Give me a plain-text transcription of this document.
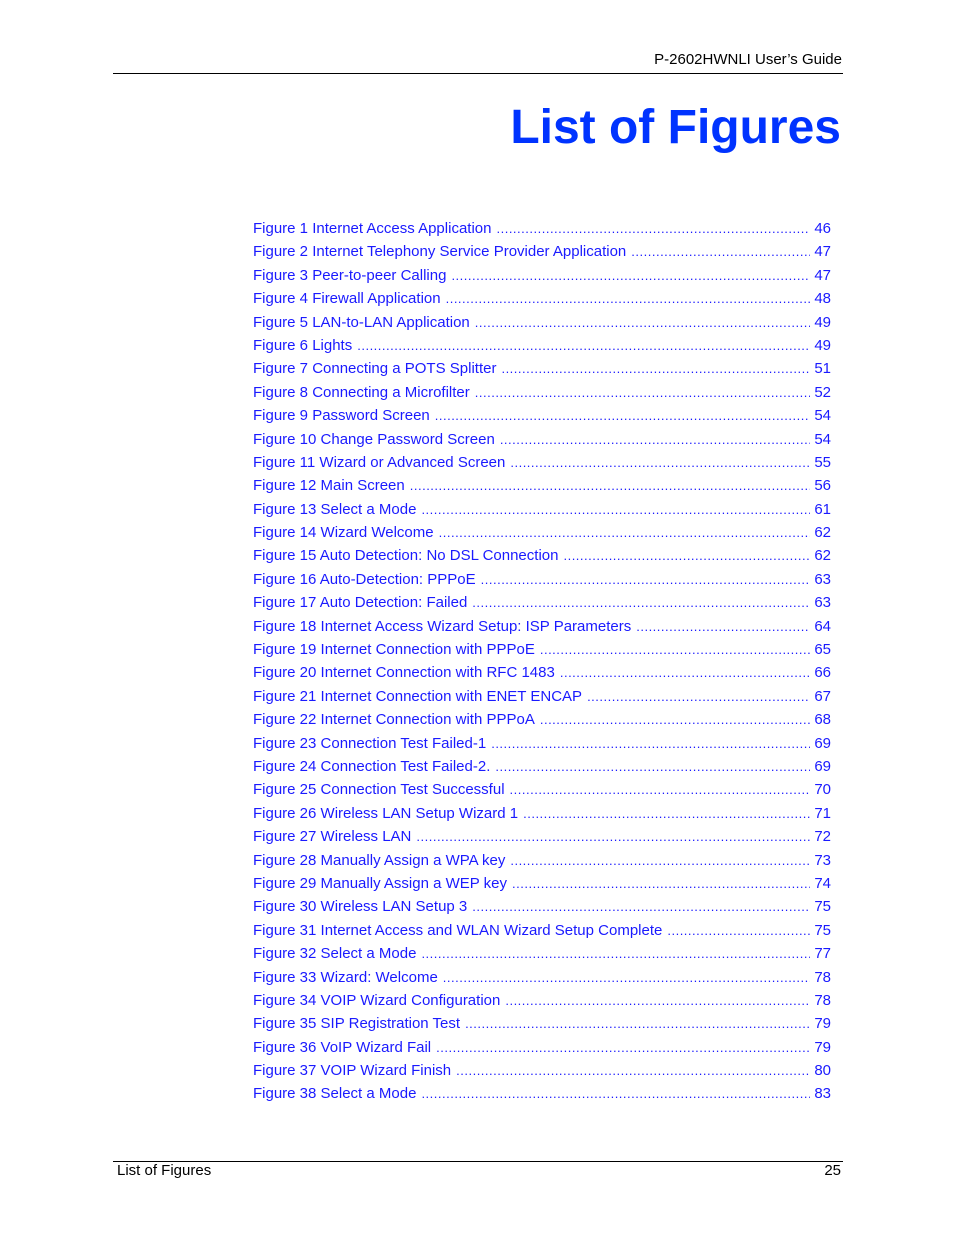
P-2602HWNLI User’s Guide
List of Figures
Figure 1 Internet Access Application .....	46
Figure 2 Internet Telephony Service Provider Application .....	47
Figure 3 Peer-to-peer Calling .....	47
Figure 4 Firewall Application .....	48
Figure 5 LAN-to-LAN Application .....	49
Figure 6 Lights .....	49
Figure 7 Connecting a POTS Splitter .....	51
Figure 8 Connecting a Microfilter .....	52
Figure 9 Password Screen .....	54
Figure 10 Change Password Screen .....	54
Figure 11 Wizard or Advanced Screen .....	55
Figure 12 Main Screen .....	56
Figure 13 Select a Mode .....	61
Figure 14 Wizard Welcome .....	62
Figure 15 Auto Detection: No DSL Connection .....	62
Figure 16 Auto-Detection: PPPoE .....	63
Figure 17 Auto Detection: Failed .....	63
Figure 18 Internet Access Wizard Setup: ISP Parameters .....	64
Figure 19 Internet Connection with PPPoE .....	65
Figure 20 Internet Connection with RFC 1483 .....	66
Figure 21 Internet Connection with ENET ENCAP .....	67
Figure 22 Internet Connection with PPPoA .....	68
Figure 23 Connection Test Failed-1 .....	69
Figure 24 Connection Test Failed-2. .....	69
Figure 25 Connection Test Successful .....	70
Figure 26 Wireless LAN Setup Wizard 1 .....	71
Figure 27 Wireless LAN .....	72
Figure 28 Manually Assign a WPA key .....	73
Figure 29 Manually Assign a WEP key .....	74
Figure 30 Wireless LAN Setup 3 .....	75
Figure 31 Internet Access and WLAN Wizard Setup Complete .....	75
Figure 32 Select a Mode .....	77
Figure 33 Wizard: Welcome .....	78
Figure 34 VOIP Wizard Configuration .....	78
Figure 35 SIP Registration Test .....	79
Figure 36 VoIP Wizard Fail .....	79
Figure 37 VOIP Wizard Finish .....	80
Figure 38 Select a Mode .....	83
List of Figures	25
